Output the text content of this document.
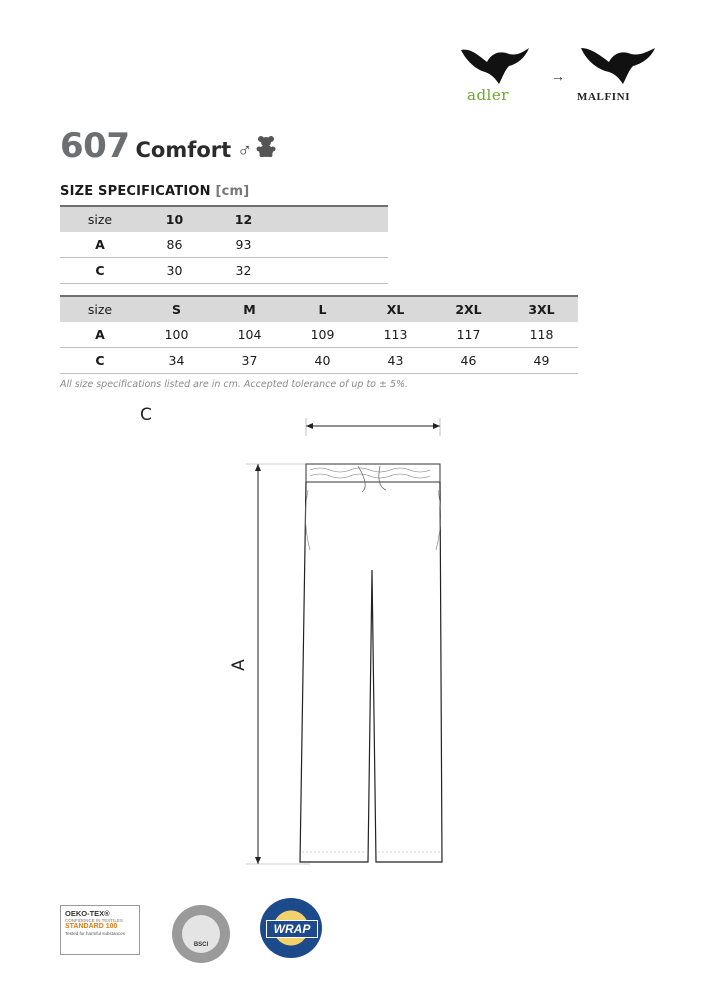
adler
→
MALFINI
607 Comfort ♂
SIZE SPECIFICATION [cm]
size	10	12	
A	86	93	
C	30	32	
size	S	M	L	XL	2XL	3XL
A	100	104	109	113	117	118
C	34	37	40	43	46	49
All size specifications listed are in cm. Accepted tolerance of up to ± 5%.
C
A
OEKO-TEX®
CONFIDENCE IN TEXTILES
STANDARD 100
Tested for harmful substances
BSCI
WRAP
